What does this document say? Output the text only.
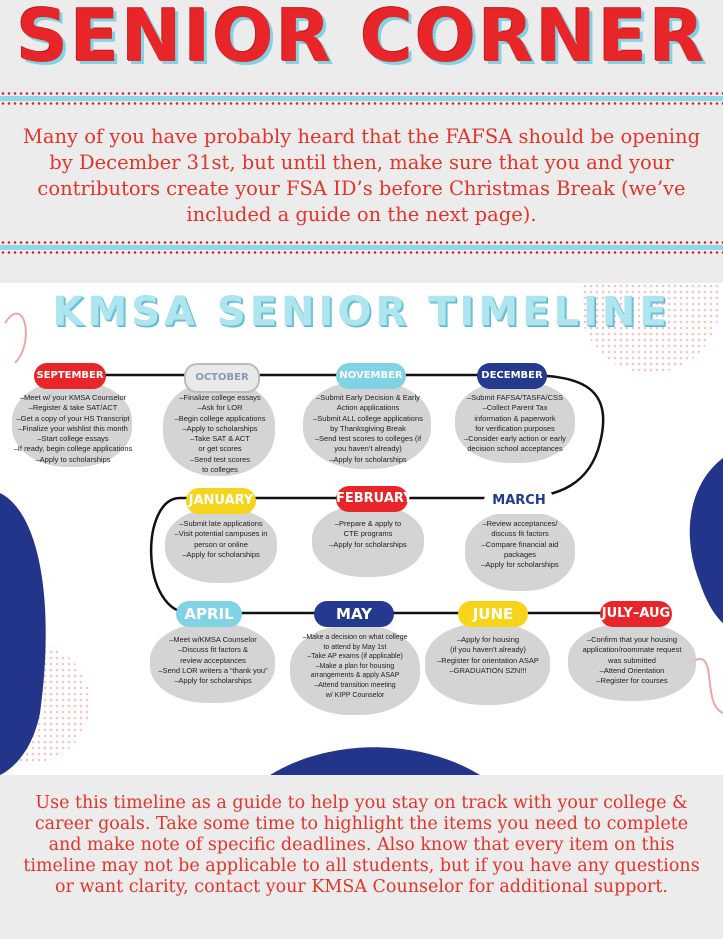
SENIOR CORNER

Many of you have probably heard that the FAFSA should be opening by December 31st, but until then, make sure that you and your contributors create your FSA ID’s before Christmas Break (we’ve included a guide on the next page).

KMSA SENIOR TIMELINE
SEPTEMBER	OCTOBER	NOVEMBER	DECEMBER
JANUARY	FEBRUARY	MARCH
APRIL	MAY	JUNE	JULY–AUG
–Meet w/ your KMSA Counselor
–Register & take SAT/ACT
–Get a copy of your HS Transcript
–Finalize your wishlist this month
–Start college essays
–If ready, begin college applications
–Apply to scholarships
–Finalize college essays
–Ask for LOR
–Begin college applications
–Apply to scholarships
–Take SAT & ACT
or get scores
–Send test scores
to colleges
–Submit Early Decision & Early
Action applications
–Submit ALL college applications
by Thanksgiving Break
–Send test scores to colleges (if
you haven’t already)
–Apply for scholarships
–Submit FAFSA/TASFA/CSS
–Collect Parent Tax
information & paperwork
for verification purposes
–Consider early action or early
decision school acceptances
–Submit late applications
–Visit potential campuses in
person or online
–Apply for scholarships
–Prepare & apply to
CTE programs
–Apply for scholarships
–Review acceptances/
discuss fit factors
–Compare financial aid
packages
–Apply for scholarships
–Meet w/KMSA Counselor
–Discuss fit factors &
review acceptances
–Send LOR writers a “thank you”
–Apply for scholarships
–Make a decision on what college
to attend by May 1st
–Take AP exams (if applicable)
–Make a plan for housing
arrangements & apply ASAP
–Attend transition meeting
w/ KIPP Counselor
–Apply for housing
(if you haven’t already)
–Register for orientation ASAP
–GRADUATION SZN!!!
–Confirm that your housing
application/roommate request
was submitted
–Attend Orientation
–Register for courses

Use this timeline as a guide to help you stay on track with your college & career goals. Take some time to highlight the items you need to complete and make note of specific deadlines. Also know that every item on this timeline may not be applicable to all students, but if you have any questions or want clarity, contact your KMSA Counselor for additional support.
